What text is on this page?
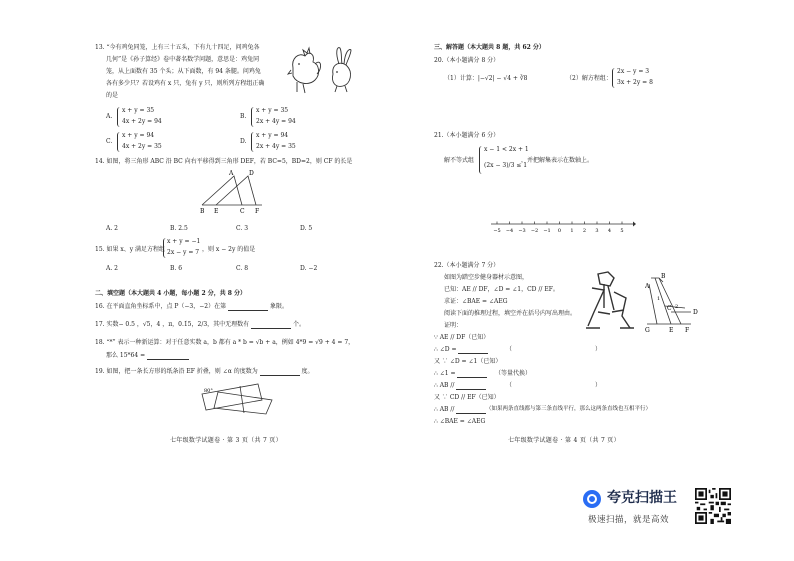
13. “今有鸡兔同笼，上有三十五头，下有九十四足，问鸡兔各
几何”是《孙子算经》卷中著名数学问题，意思是：鸡兔同
笼，从上面数有 35 个头；从下面数，有 94 条腿。问鸡兔
各有多少只？若设鸡有 x 只，兔有 y 只，则所列方程组正确
的是
A.
x + y = 35
4x + 2y = 94
B.
x + y = 35
2x + 4y = 94
C.
x + y = 94
4x + 2y = 35
D.
x + y = 94
2x + 4y = 35
14. 如图，将三角形 ABC 沿 BC 向右平移得到三角形 DEF，若 BC=5，BD=2，则 CF 的长是
A	D
B E	C F
A. 2	B. 2.5	C. 3	D. 5
15. 如果 x、y 满足方程组
x + y = −1
2x − y = 7 ，则 x − 2y 的值是
A. 2	B. 6	C. 8	D. −2
二、填空题（本大题共 4 小题，每小题 2 分，共 8 分）
16. 在平面直角坐标系中，点 P（−3，−2）在第	象限。
17. 实数− 0.5 ，√5，4 ，π，0.1̇5，2/3，其中无理数有	个。
18. “*” 表示一种新运算：对于任意实数 a，b 都有 a * b = √b + a，例如 4*9 = √9 + 4 = 7，
那么 15*64 =
19. 如图，把一条长方形的纸条沿 EF 折叠，则 ∠α 的度数为	度。
80°
七年级数学试题卷 · 第 3 页（共 7 页）
三、解答题（本大题共 8 题，共 62 分）
20.（本小题满分 8 分）
（1）计算：|−√2| − √4 + ∛8	（2）解方程组：
2x − y = 3
3x + 2y = 8
21.（本小题满分 6 分）
解不等式组
x − 1 < 2x + 1
(2x − 3)/3 ≤ 1
，并把解集表示在数轴上。
−5 −4 −3 −2 −1 0 1 2 3 4 5
22.（本小题满分 7 分）
如图为踏空步健身器材示意图，
已知：AE // DF，∠D = ∠1，CD // EF。
求证：∠BAE = ∠AEG
阅读下面的推理过程，填空并在括号内写出理由。
证明：
∵ AE // DF（已知）
∴ ∠D =	（	）
又 ∵ ∠D = ∠1（已知）
∴ ∠1 =	（等量代换）
∴ AB //	（	）
又 ∵ CD // EF（已知）
∴ AB //	（如果两条直线都与第三条直线平行，那么这两条直线也互相平行）
∴ ∠BAE = ∠AEG
A
B
C
D
E F
G
1
2
七年级数学试题卷 · 第 4 页（共 7 页）
夸克扫描王
极速扫描，就是高效
